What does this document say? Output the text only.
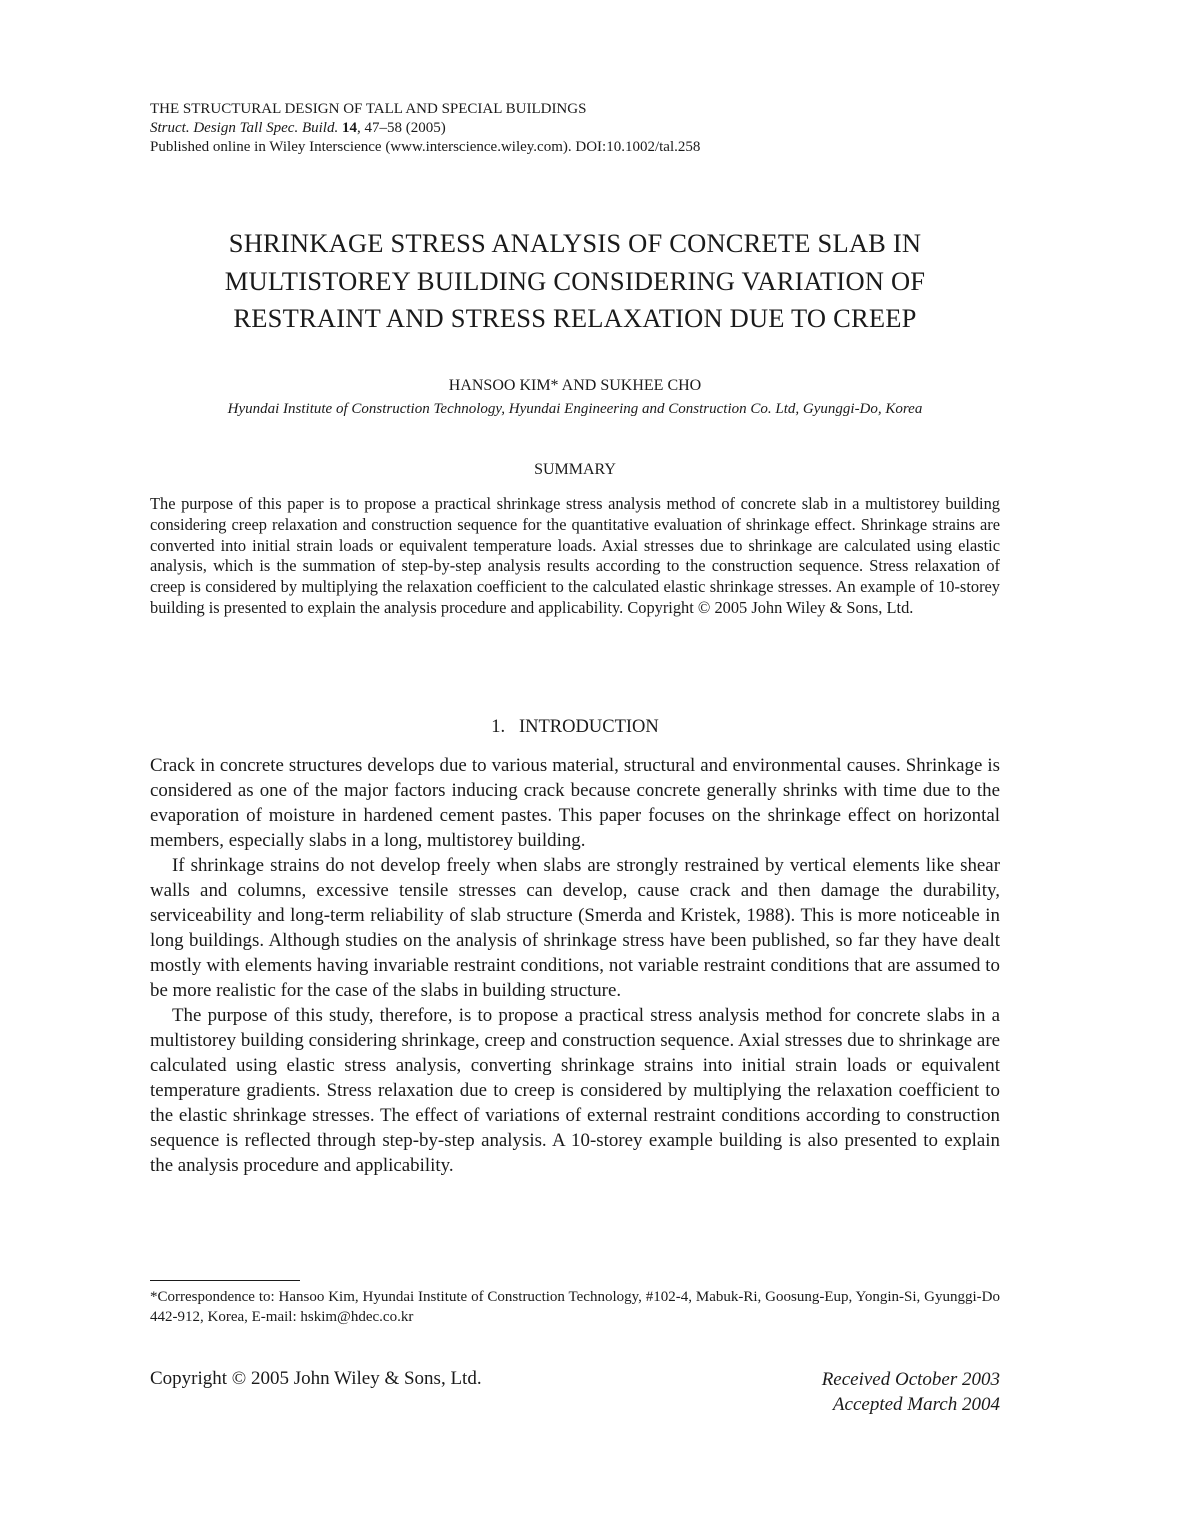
THE STRUCTURAL DESIGN OF TALL AND SPECIAL BUILDINGS
Struct. Design Tall Spec. Build. 14, 47–58 (2005)
Published online in Wiley Interscience (www.interscience.wiley.com). DOI:10.1002/tal.258
SHRINKAGE STRESS ANALYSIS OF CONCRETE SLAB IN
MULTISTOREY BUILDING CONSIDERING VARIATION OF
RESTRAINT AND STRESS RELAXATION DUE TO CREEP
HANSOO KIM* AND SUKHEE CHO
Hyundai Institute of Construction Technology, Hyundai Engineering and Construction Co. Ltd, Gyunggi-Do, Korea
SUMMARY
The purpose of this paper is to propose a practical shrinkage stress analysis method of concrete slab in a multistorey building considering creep relaxation and construction sequence for the quantitative evaluation of shrinkage effect. Shrinkage strains are converted into initial strain loads or equivalent temperature loads. Axial stresses due to shrinkage are calculated using elastic analysis, which is the summation of step-by-step analysis results according to the construction sequence. Stress relaxation of creep is considered by multiplying the relaxation coefficient to the calculated elastic shrinkage stresses. An example of 10-storey building is presented to explain the analysis procedure and applicability. Copyright © 2005 John Wiley & Sons, Ltd.
1.   INTRODUCTION

Crack in concrete structures develops due to various material, structural and environmental causes. Shrinkage is considered as one of the major factors inducing crack because concrete generally shrinks with time due to the evaporation of moisture in hardened cement pastes. This paper focuses on the shrinkage effect on horizontal members, especially slabs in a long, multistorey building.

If shrinkage strains do not develop freely when slabs are strongly restrained by vertical elements like shear walls and columns, excessive tensile stresses can develop, cause crack and then damage the durability, serviceability and long-term reliability of slab structure (Smerda and Kristek, 1988). This is more noticeable in long buildings. Although studies on the analysis of shrinkage stress have been published, so far they have dealt mostly with elements having invariable restraint conditions, not variable restraint conditions that are assumed to be more realistic for the case of the slabs in building structure.

The purpose of this study, therefore, is to propose a practical stress analysis method for concrete slabs in a multistorey building considering shrinkage, creep and construction sequence. Axial stresses due to shrinkage are calculated using elastic stress analysis, converting shrinkage strains into initial strain loads or equivalent temperature gradients. Stress relaxation due to creep is considered by multiplying the relaxation coefficient to the elastic shrinkage stresses. The effect of variations of external restraint conditions according to construction sequence is reflected through step-by-step analysis. A 10-storey example building is also presented to explain the analysis procedure and applicability.

*Correspondence to: Hansoo Kim, Hyundai Institute of Construction Technology, #102-4, Mabuk-Ri, Goosung-Eup, Yongin-Si, Gyunggi-Do 442-912, Korea, E-mail: hskim@hdec.co.kr
Copyright © 2005 John Wiley & Sons, Ltd.	Received October 2003
Accepted March 2004
